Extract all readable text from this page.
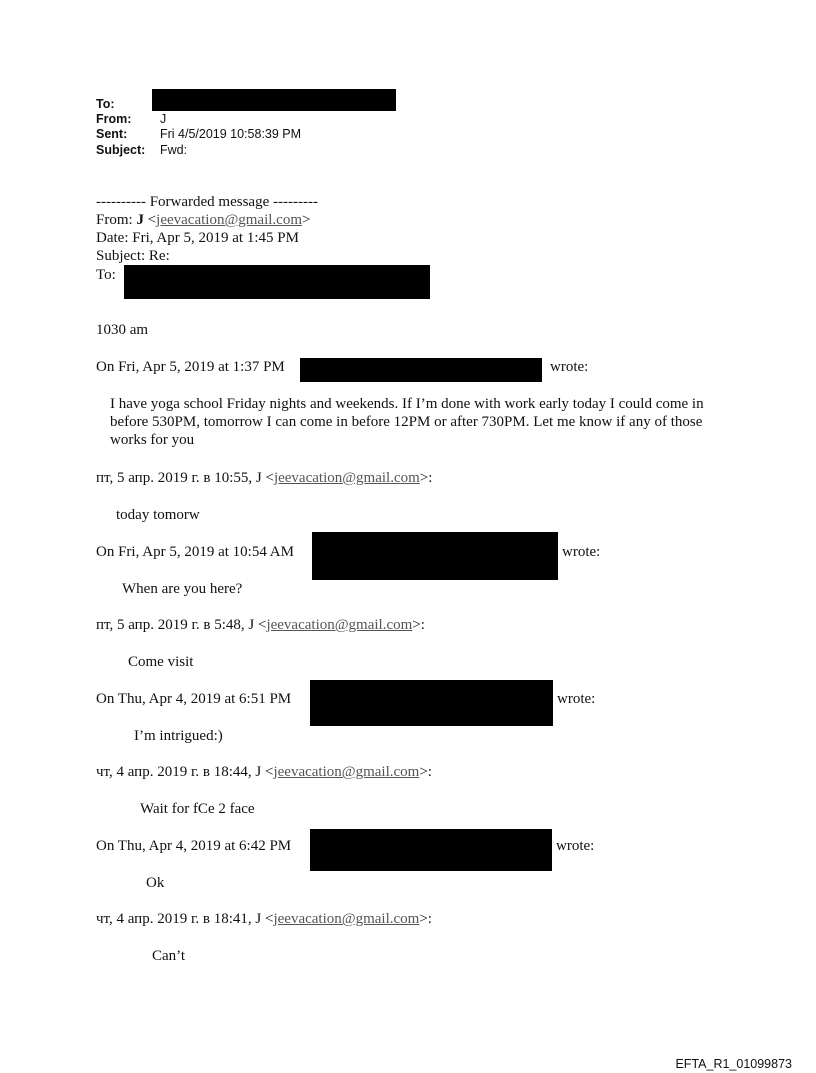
To:
From: J
Sent:	Fri 4/5/2019 10:58:39 PM
Subject: Fwd:
---------- Forwarded message ---------
From: J <jeevacation@gmail.com>
Date: Fri, Apr 5, 2019 at 1:45 PM
Subject: Re:
To:
1030 am
On Fri, Apr 5, 2019 at 1:37 PM	wrote:
I have yoga school Friday nights and weekends. If I’m done with work early today I could come in before 530PM, tomorrow I can come in before 12PM or after 730PM. Let me know if any of those works for you
пт, 5 апр. 2019 г. в 10:55, J <jeevacation@gmail.com>:
today tomorw
On Fri, Apr 5, 2019 at 10:54 AM	wrote:
When are you here?
пт, 5 апр. 2019 г. в 5:48, J <jeevacation@gmail.com>:
Come visit
On Thu, Apr 4, 2019 at 6:51 PM	wrote:
I’m intrigued:)
чт, 4 апр. 2019 г. в 18:44, J <jeevacation@gmail.com>:
Wait for fCe 2 face
On Thu, Apr 4, 2019 at 6:42 PM	wrote:
Ok
чт, 4 апр. 2019 г. в 18:41, J <jeevacation@gmail.com>:
Can’t
EFTA_R1_01099873
